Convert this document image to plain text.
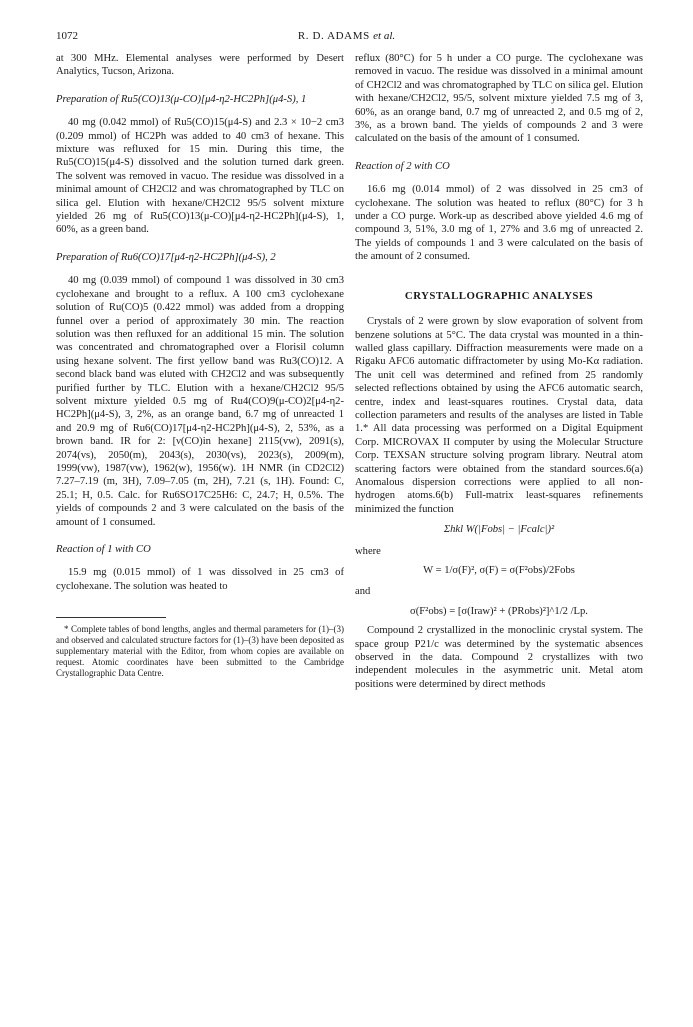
1072	R. D. ADAMS et al.

at 300 MHz. Elemental analyses were performed by Desert Analytics, Tucson, Arizona.

Preparation of Ru5(CO)13(μ-CO)[μ4-η2-HC2Ph](μ4-S), 1

40 mg (0.042 mmol) of Ru5(CO)15(μ4-S) and 2.3 × 10−2 cm3 (0.209 mmol) of HC2Ph was added to 40 cm3 of hexane. This mixture was refluxed for 15 min. During this time, the Ru5(CO)15(μ4-S) dissolved and the solution turned dark green. The solvent was removed in vacuo. The residue was dissolved in a minimal amount of CH2Cl2 and was chromatographed by TLC on silica gel. Elution with hexane/CH2Cl2 95/5 solvent mixture yielded 26 mg of Ru5(CO)13(μ-CO)[μ4-η2-HC2Ph](μ4-S), 1, 60%, as a green band.

Preparation of Ru6(CO)17[μ4-η2-HC2Ph](μ4-S), 2

40 mg (0.039 mmol) of compound 1 was dissolved in 30 cm3 cyclohexane and brought to a reflux. A 100 cm3 cyclohexane solution of Ru(CO)5 (0.422 mmol) was added from a dropping funnel over a period of approximately 30 min. The reaction solution was then refluxed for an additional 15 min. The solution was concentrated and chromatographed over a Florisil column using hexane solvent. The first yellow band was Ru3(CO)12. A second black band was eluted with CH2Cl2 and was subsequently purified further by TLC. Elution with a hexane/CH2Cl2 95/5 solvent mixture yielded 0.5 mg of Ru4(CO)9(μ-CO)2[μ4-η2-HC2Ph](μ4-S), 3, 2%, as an orange band, 6.7 mg of unreacted 1 and 20.9 mg of Ru6(CO)17[μ4-η2-HC2Ph](μ4-S), 2, 53%, as a brown band. IR for 2: [ν(CO)in hexane] 2115(vw), 2091(s), 2074(vs), 2050(m), 2043(s), 2030(vs), 2023(s), 2009(m), 1999(vw), 1987(vw), 1962(w), 1956(w). 1H NMR (in CD2Cl2) 7.27–7.19 (m, 3H), 7.09–7.05 (m, 2H), 7.21 (s, 1H). Found: C, 25.1; H, 0.5. Calc. for Ru6SO17C25H6: C, 24.7; H, 0.5%. The yields of compounds 2 and 3 were calculated on the basis of the amount of 1 consumed.

Reaction of 1 with CO

15.9 mg (0.015 mmol) of 1 was dissolved in 25 cm3 of cyclohexane. The solution was heated to

* Complete tables of bond lengths, angles and thermal parameters for (1)–(3) and observed and calculated structure factors for (1)–(3) have been deposited as supplementary material with the Editor, from whom copies are available on request. Atomic coordinates have been submitted to the Cambridge Crystallographic Data Centre.

reflux (80°C) for 5 h under a CO purge. The cyclohexane was removed in vacuo. The residue was dissolved in a minimal amount of CH2Cl2 and was chromatographed by TLC on silica gel. Elution with hexane/CH2Cl2, 95/5, solvent mixture yielded 7.5 mg of 3, 60%, as an orange band, 0.7 mg of unreacted 2, and 0.5 mg of 2, 3%, as a brown band. The yields of compounds 2 and 3 were calculated on the basis of the amount of 1 consumed.

Reaction of 2 with CO

16.6 mg (0.014 mmol) of 2 was dissolved in 25 cm3 of cyclohexane. The solution was heated to reflux (80°C) for 3 h under a CO purge. Work-up as described above yielded 4.6 mg of compound 3, 51%, 3.0 mg of 1, 27% and 3.6 mg of unreacted 2. The yields of compounds 1 and 3 were calculated on the basis of the amount of 2 consumed.

CRYSTALLOGRAPHIC ANALYSES

Crystals of 2 were grown by slow evaporation of solvent from benzene solutions at 5°C. The data crystal was mounted in a thin-walled glass capillary. Diffraction measurements were made on a Rigaku AFC6 automatic diffractometer by using Mo-Kα radiation. The unit cell was determined and refined from 25 randomly selected reflections obtained by using the AFC6 automatic search, centre, index and least-squares routines. Crystal data, data collection parameters and results of the analyses are listed in Table 1.* All data processing was performed on a Digital Equipment Corp. MICROVAX II computer by using the Molecular Structure Corp. TEXSAN structure solving program library. Neutral atom scattering factors were obtained from the standard sources.6(a) Anomalous dispersion corrections were applied to all non-hydrogen atoms.6(b) Full-matrix least-squares refinements minimized the function

Σhkl W(|Fobs| − |Fcalc|)²

where

W = 1/σ(F)², σ(F) = σ(F²obs)/2Fobs

and

σ(F²obs) = [σ(Iraw)² + (PRobs)²]^1/2 /Lp.

Compound 2 crystallized in the monoclinic crystal system. The space group P21/c was determined by the systematic absences observed in the data. Compound 2 crystallizes with two independent molecules in the asymmetric unit. Metal atom positions were determined by direct methods
